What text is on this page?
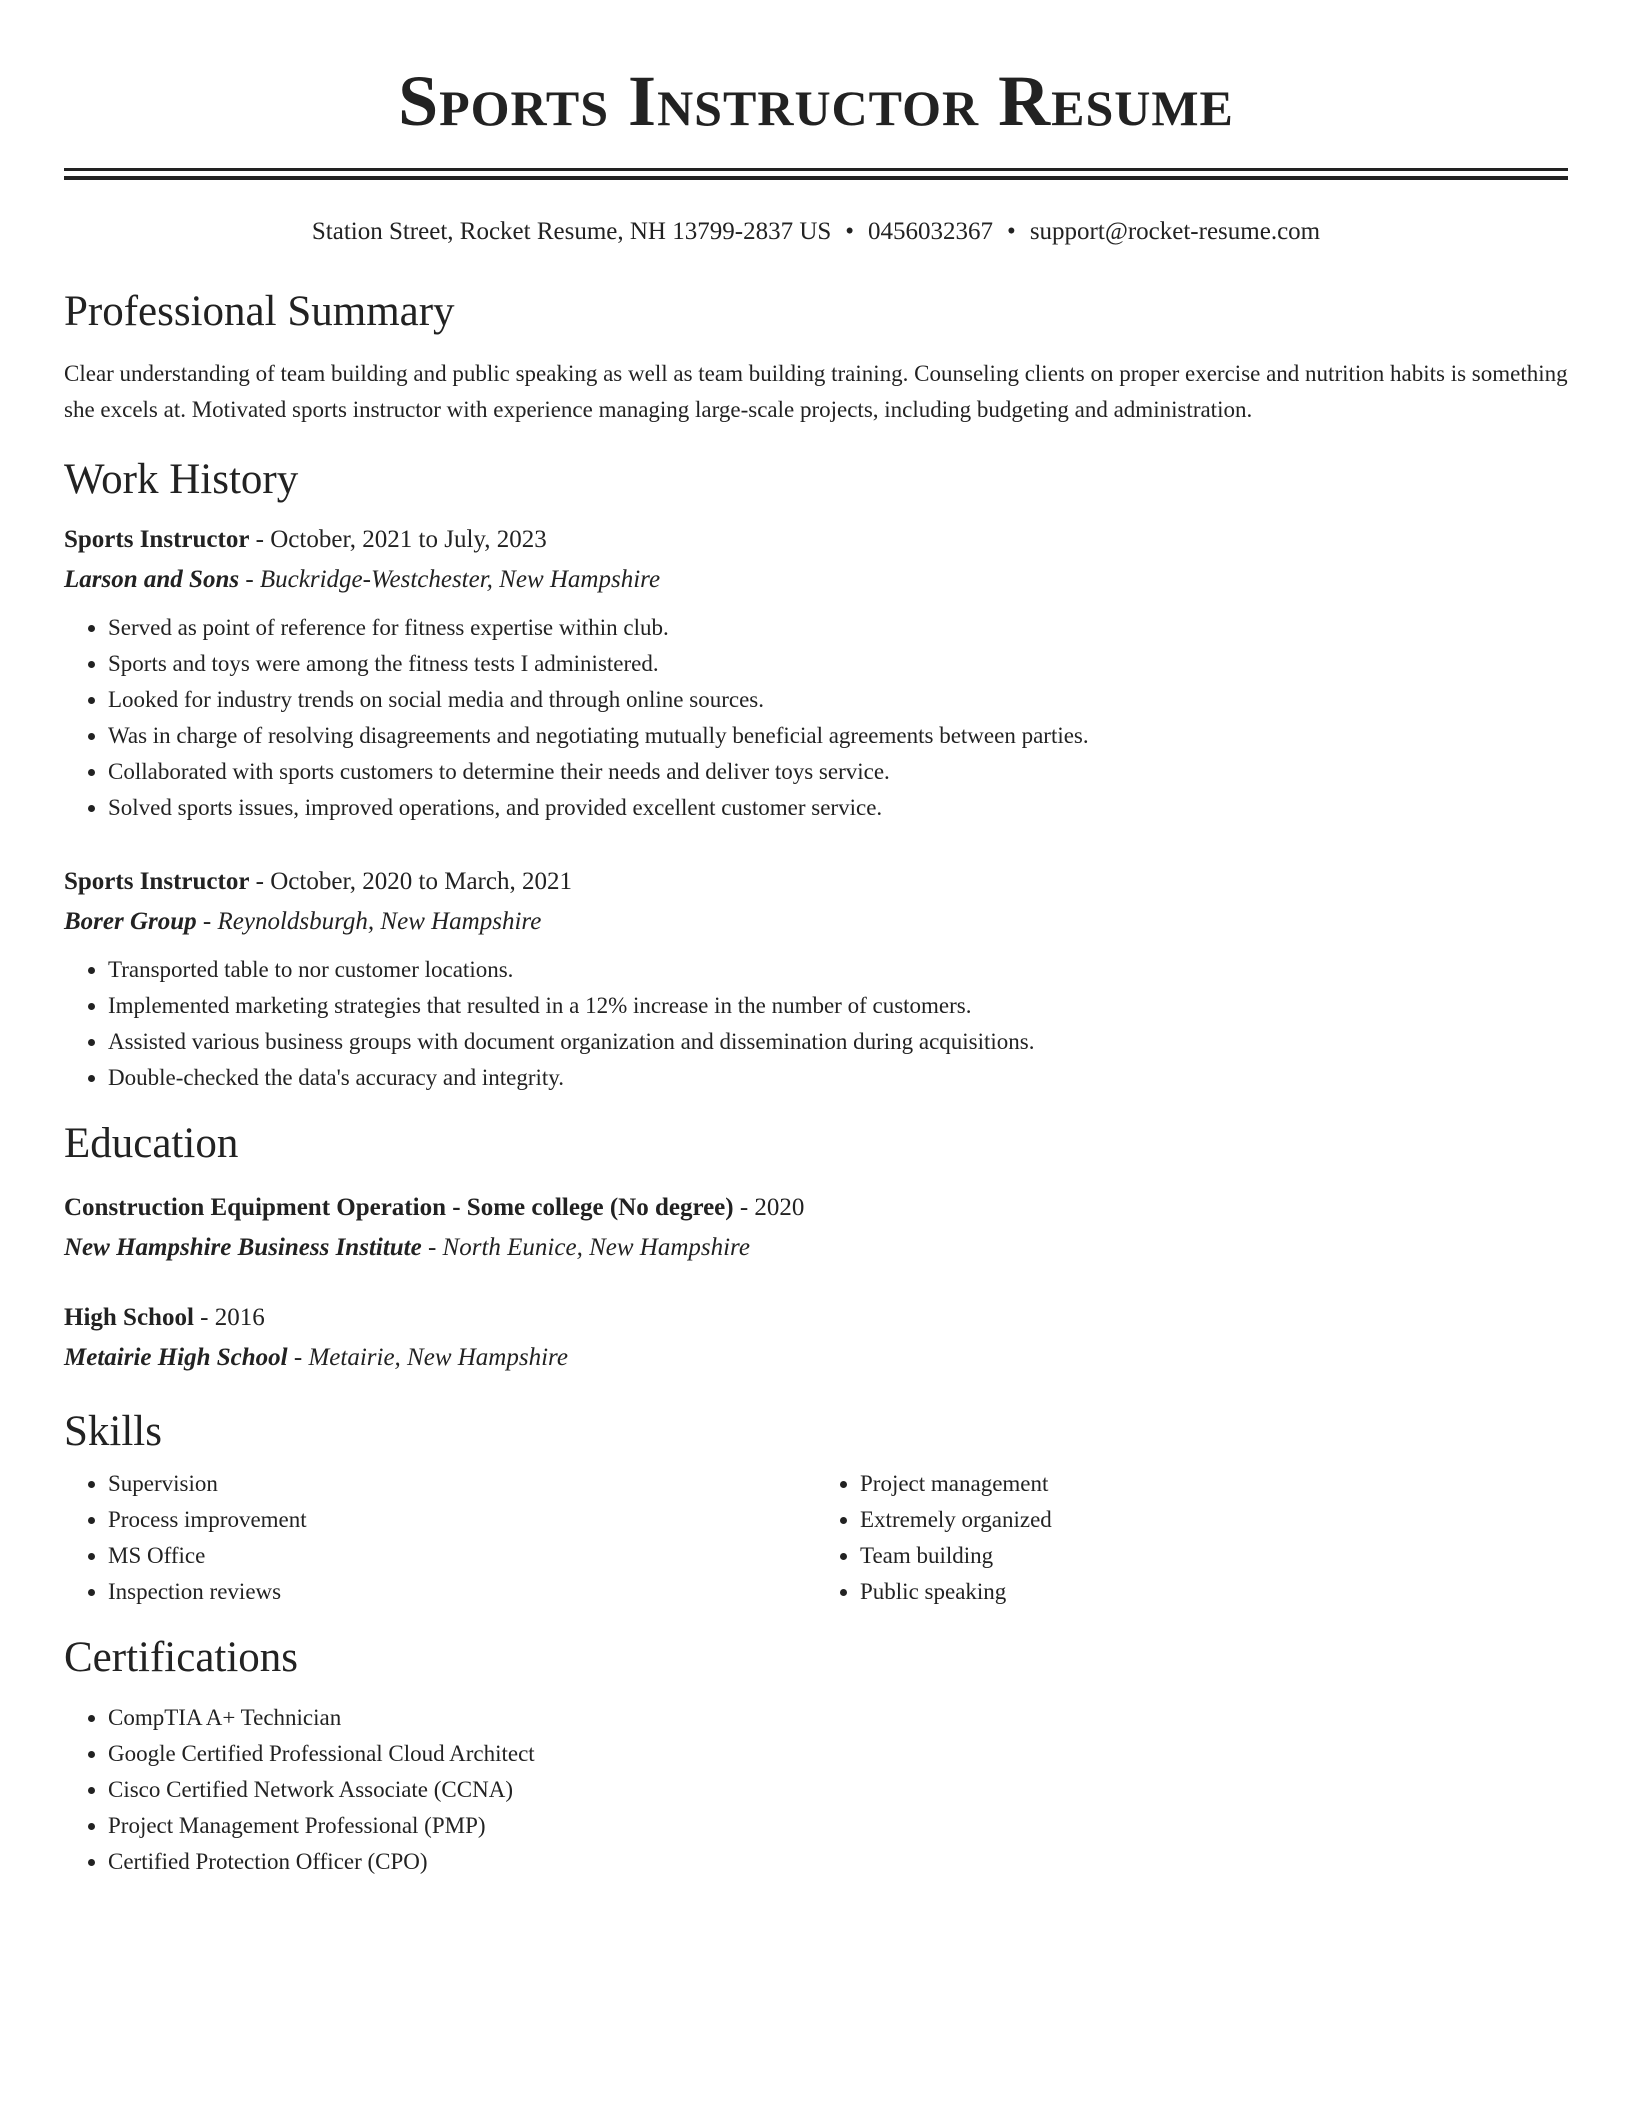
Sports Instructor Resume
Station Street, Rocket Resume, NH 13799-2837 US • 0456032367 • support@rocket-resume.com
Professional Summary
Clear understanding of team building and public speaking as well as team building training. Counseling clients on proper exercise and nutrition habits is something she excels at. Motivated sports instructor with experience managing large-scale projects, including budgeting and administration.
Work History
Sports Instructor - October, 2021 to July, 2023
Larson and Sons - Buckridge-Westchester, New Hampshire
• Served as point of reference for fitness expertise within club.
• Sports and toys were among the fitness tests I administered.
• Looked for industry trends on social media and through online sources.
• Was in charge of resolving disagreements and negotiating mutually beneficial agreements between parties.
• Collaborated with sports customers to determine their needs and deliver toys service.
• Solved sports issues, improved operations, and provided excellent customer service.
Sports Instructor - October, 2020 to March, 2021
Borer Group - Reynoldsburgh, New Hampshire
• Transported table to nor customer locations.
• Implemented marketing strategies that resulted in a 12% increase in the number of customers.
• Assisted various business groups with document organization and dissemination during acquisitions.
• Double-checked the data's accuracy and integrity.
Education
Construction Equipment Operation - Some college (No degree) - 2020
New Hampshire Business Institute - North Eunice, New Hampshire
High School - 2016
Metairie High School - Metairie, New Hampshire
Skills
• Supervision
• Process improvement
• MS Office
• Inspection reviews
• Project management
• Extremely organized
• Team building
• Public speaking
Certifications
• CompTIA A+ Technician
• Google Certified Professional Cloud Architect
• Cisco Certified Network Associate (CCNA)
• Project Management Professional (PMP)
• Certified Protection Officer (CPO)
